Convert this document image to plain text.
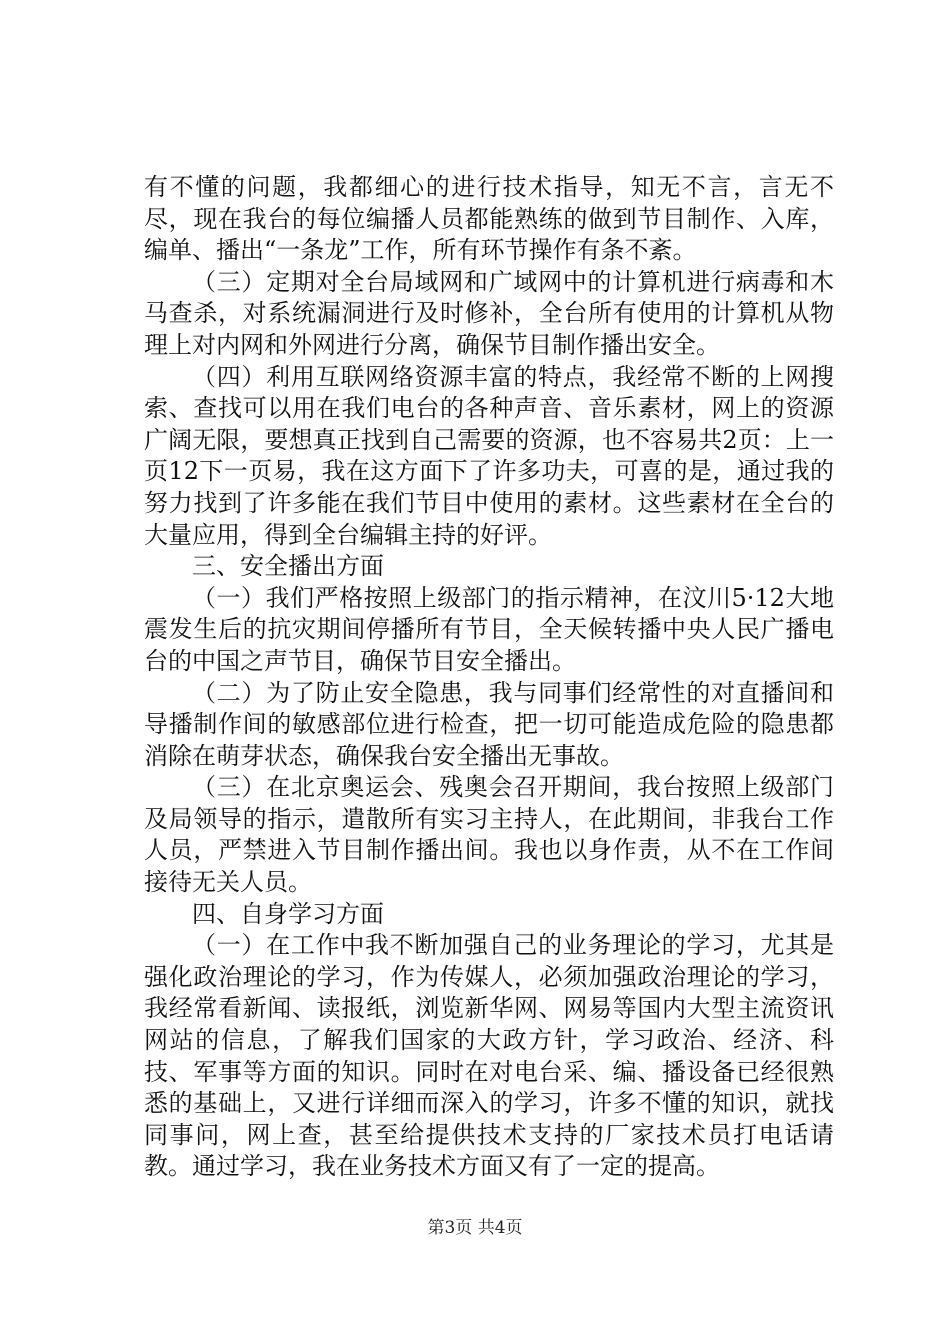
有不懂的问题，我都细心的进行技术指导，知无不言，言无不尽，现在我台的每位编播人员都能熟练的做到节目制作、入库，编单、播出“一条龙”工作，所有环节操作有条不紊。

（三）定期对全台局域网和广域网中的计算机进行病毒和木马查杀，对系统漏洞进行及时修补，全台所有使用的计算机从物理上对内网和外网进行分离，确保节目制作播出安全。

（四）利用互联网络资源丰富的特点，我经常不断的上网搜索、查找可以用在我们电台的各种声音、音乐素材，网上的资源广阔无限，要想真正找到自己需要的资源，也不容易共2页：上一页12下一页易，我在这方面下了许多功夫，可喜的是，通过我的努力找到了许多能在我们节目中使用的素材。这些素材在全台的大量应用，得到全台编辑主持的好评。

三、安全播出方面

（一）我们严格按照上级部门的指示精神，在汶川5·12大地震发生后的抗灾期间停播所有节目，全天候转播中央人民广播电台的中国之声节目，确保节目安全播出。

（二）为了防止安全隐患，我与同事们经常性的对直播间和导播制作间的敏感部位进行检查，把一切可能造成危险的隐患都消除在萌芽状态，确保我台安全播出无事故。

（三）在北京奥运会、残奥会召开期间，我台按照上级部门及局领导的指示，遣散所有实习主持人，在此期间，非我台工作人员，严禁进入节目制作播出间。我也以身作责，从不在工作间接待无关人员。

四、自身学习方面

（一）在工作中我不断加强自己的业务理论的学习，尤其是强化政治理论的学习，作为传媒人，必须加强政治理论的学习，我经常看新闻、读报纸，浏览新华网、网易等国内大型主流资讯网站的信息，了解我们国家的大政方针，学习政治、经济、科技、军事等方面的知识。同时在对电台采、编、播设备已经很熟悉的基础上，又进行详细而深入的学习，许多不懂的知识，就找同事问，网上查，甚至给提供技术支持的厂家技术员打电话请教。通过学习，我在业务技术方面又有了一定的提高。

第3页 共4页
